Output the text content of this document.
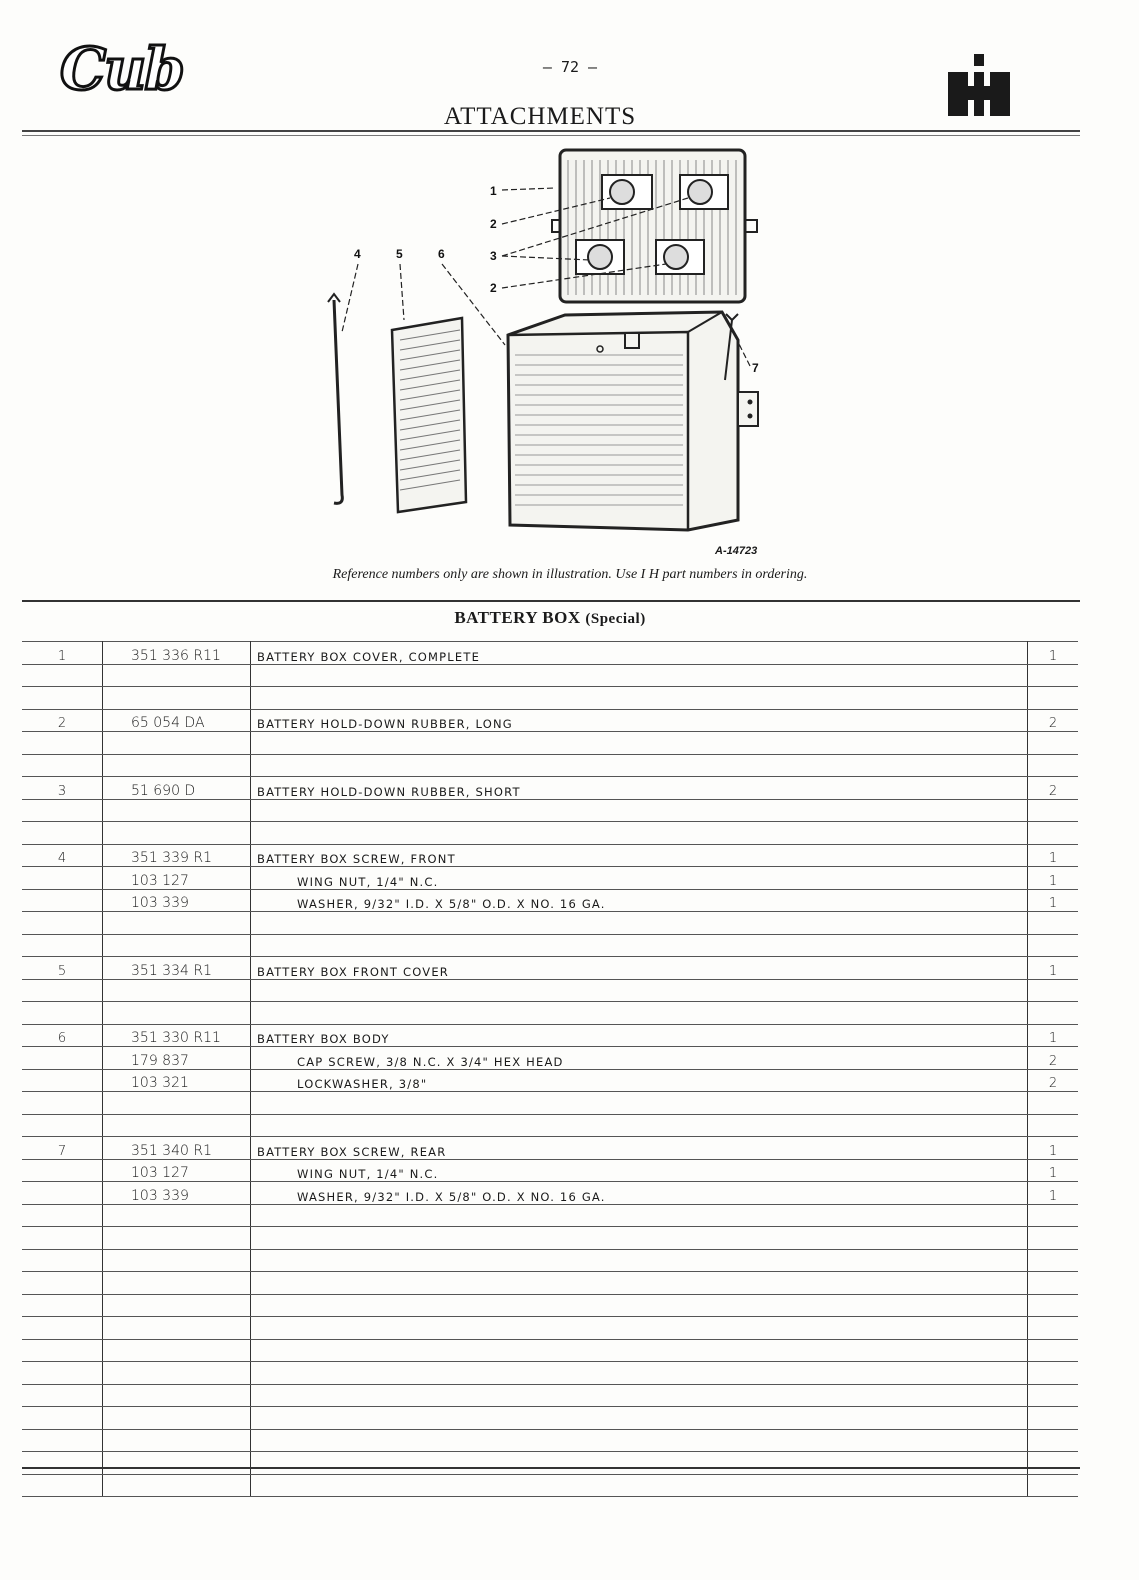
Cub	— 72 —
ATTACHMENTS
1
2
3
2
4	5	6
7
A-14723
Reference numbers only are shown in illustration. Use I H part numbers in ordering.
BATTERY BOX (Special)
1	351 336 R11	BATTERY BOX COVER, COMPLETE	1

2	65 054 DA	BATTERY HOLD-DOWN RUBBER, LONG	2

3	51 690 D	BATTERY HOLD-DOWN RUBBER, SHORT	2

4	351 339 R1	BATTERY BOX SCREW, FRONT	1
	103 127	WING NUT, 1/4" N.C.	1
	103 339	WASHER, 9/32" I.D. X 5/8" O.D. X NO. 16 GA.	1

5	351 334 R1	BATTERY BOX FRONT COVER	1

6	351 330 R11	BATTERY BOX BODY	1
	179 837	CAP SCREW, 3/8 N.C. X 3/4" HEX HEAD	2
	103 321	LOCKWASHER, 3/8"	2

7	351 340 R1	BATTERY BOX SCREW, REAR	1
	103 127	WING NUT, 1/4" N.C.	1
	103 339	WASHER, 9/32" I.D. X 5/8" O.D. X NO. 16 GA.	1
